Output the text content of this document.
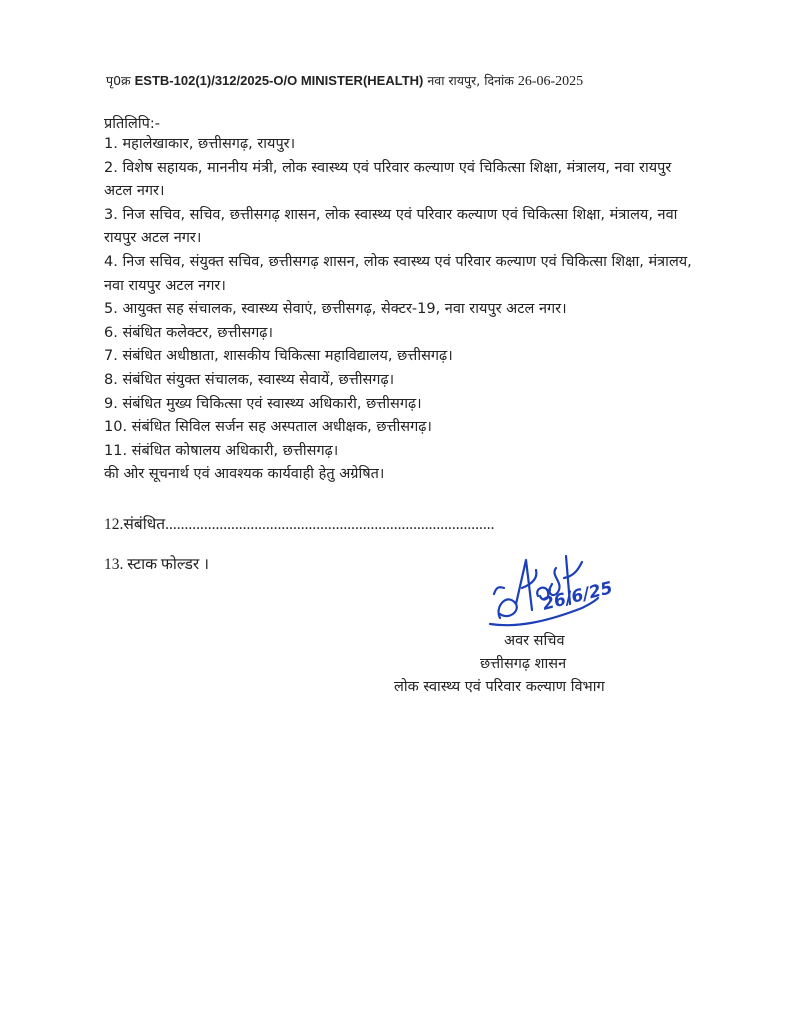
पृ0क्र ESTB-102(1)/312/2025-O/O MINISTER(HEALTH) नवा रायपुर, दिनांक 26-06-2025
प्रतिलिपि:-

1. महालेखाकार, छत्तीसगढ़, रायपुर।

2. विशेष सहायक, माननीय मंत्री, लोक स्वास्थ्य एवं परिवार कल्याण एवं चिकित्सा शिक्षा, मंत्रालय, नवा रायपुर अटल नगर।

3. निज सचिव, सचिव, छत्तीसगढ़ शासन, लोक स्वास्थ्य एवं परिवार कल्याण एवं चिकित्सा शिक्षा, मंत्रालय, नवा रायपुर अटल नगर।

4. निज सचिव, संयुक्त सचिव, छत्तीसगढ़ शासन, लोक स्वास्थ्य एवं परिवार कल्याण एवं चिकित्सा शिक्षा, मंत्रालय, नवा रायपुर अटल नगर।

5. आयुक्त सह संचालक, स्वास्थ्य सेवाएं, छत्तीसगढ़, सेक्टर-19, नवा रायपुर अटल नगर।

6. संबंधित कलेक्टर, छत्तीसगढ़।

7. संबंधित अधीष्ठाता, शासकीय चिकित्सा महाविद्यालय, छत्तीसगढ़।

8. संबंधित संयुक्त संचालक, स्वास्थ्य सेवायें, छत्तीसगढ़।

9. संबंधित मुख्य चिकित्सा एवं स्वास्थ्य अधिकारी, छत्तीसगढ़।

10. संबंधित सिविल सर्जन सह अस्पताल अधीक्षक, छत्तीसगढ़।

11. संबंधित कोषालय अधिकारी, छत्तीसगढ़।

की ओर सूचनार्थ एवं आवश्यक कार्यवाही हेतु अग्रेषित।
12.संबंधित.....................................................................................
13. स्टाक फोल्डर ।
26/6/25
अवर सचिव
छत्तीसगढ़ शासन
लोक स्वास्थ्य एवं परिवार कल्याण विभाग
